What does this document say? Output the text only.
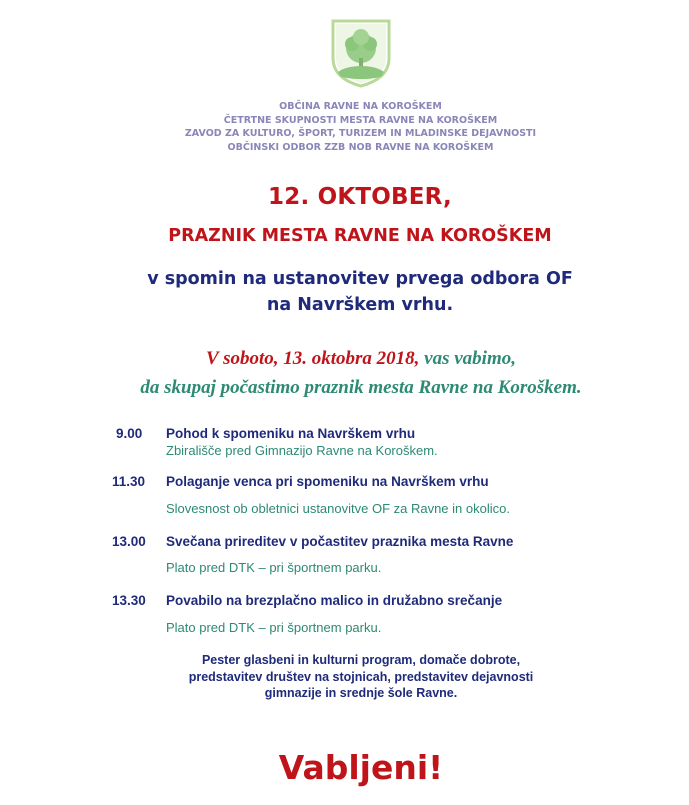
OBČINA RAVNE NA KOROŠKEM
ČETRTNE SKUPNOSTI MESTA RAVNE NA KOROŠKEM
ZAVOD ZA KULTURO, ŠPORT, TURIZEM IN MLADINSKE DEJAVNOSTI
OBČINSKI ODBOR ZZB NOB RAVNE NA KOROŠKEM
12. OKTOBER,
PRAZNIK MESTA RAVNE NA KOROŠKEM
v spomin na ustanovitev prvega odbora OF
na Navrškem vrhu.
V soboto, 13. oktobra 2018, vas vabimo,
da skupaj počastimo praznik mesta Ravne na Koroškem.
9.00 Pohod k spomeniku na Navrškem vrhu
Zbirališče pred Gimnazijo Ravne na Koroškem.
11.30 Polaganje venca pri spomeniku na Navrškem vrhu
Slovesnost ob obletnici ustanovitve OF za Ravne in okolico.
13.00 Svečana prireditev v počastitev praznika mesta Ravne
Plato pred DTK – pri športnem parku.
13.30 Povabilo na brezplačno malico in družabno srečanje
Plato pred DTK – pri športnem parku.
Pester glasbeni in kulturni program, domače dobrote,
predstavitev društev na stojnicah, predstavitev dejavnosti
gimnazije in srednje šole Ravne.
Vabljeni!
